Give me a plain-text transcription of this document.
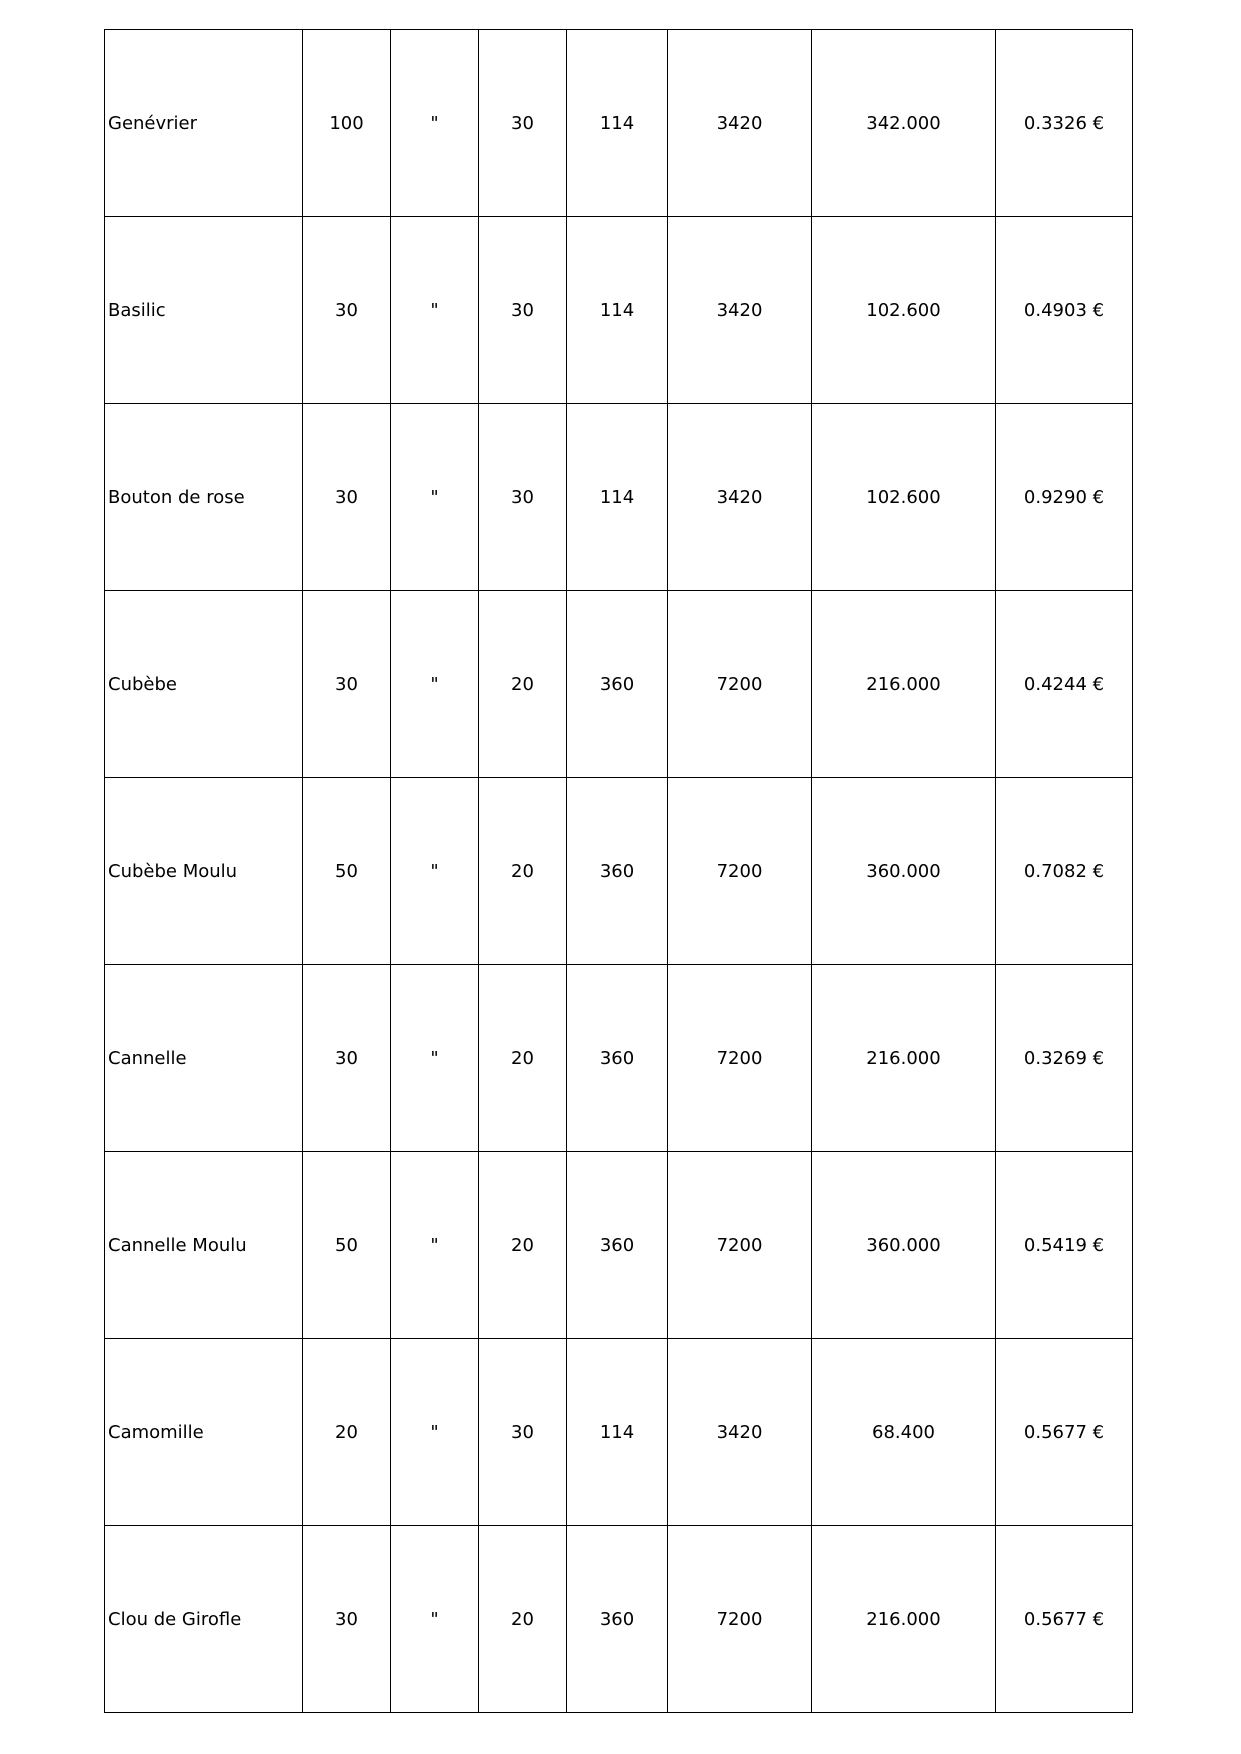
Genévrier	100	"	30	114	3420	342.000	0.3326 €
Basilic	30	"	30	114	3420	102.600	0.4903 €
Bouton de rose	30	"	30	114	3420	102.600	0.9290 €
Cubèbe	30	"	20	360	7200	216.000	0.4244 €
Cubèbe Moulu	50	"	20	360	7200	360.000	0.7082 €
Cannelle	30	"	20	360	7200	216.000	0.3269 €
Cannelle Moulu	50	"	20	360	7200	360.000	0.5419 €
Camomille	20	"	30	114	3420	68.400	0.5677 €
Clou de Girofle	30	"	20	360	7200	216.000	0.5677 €
